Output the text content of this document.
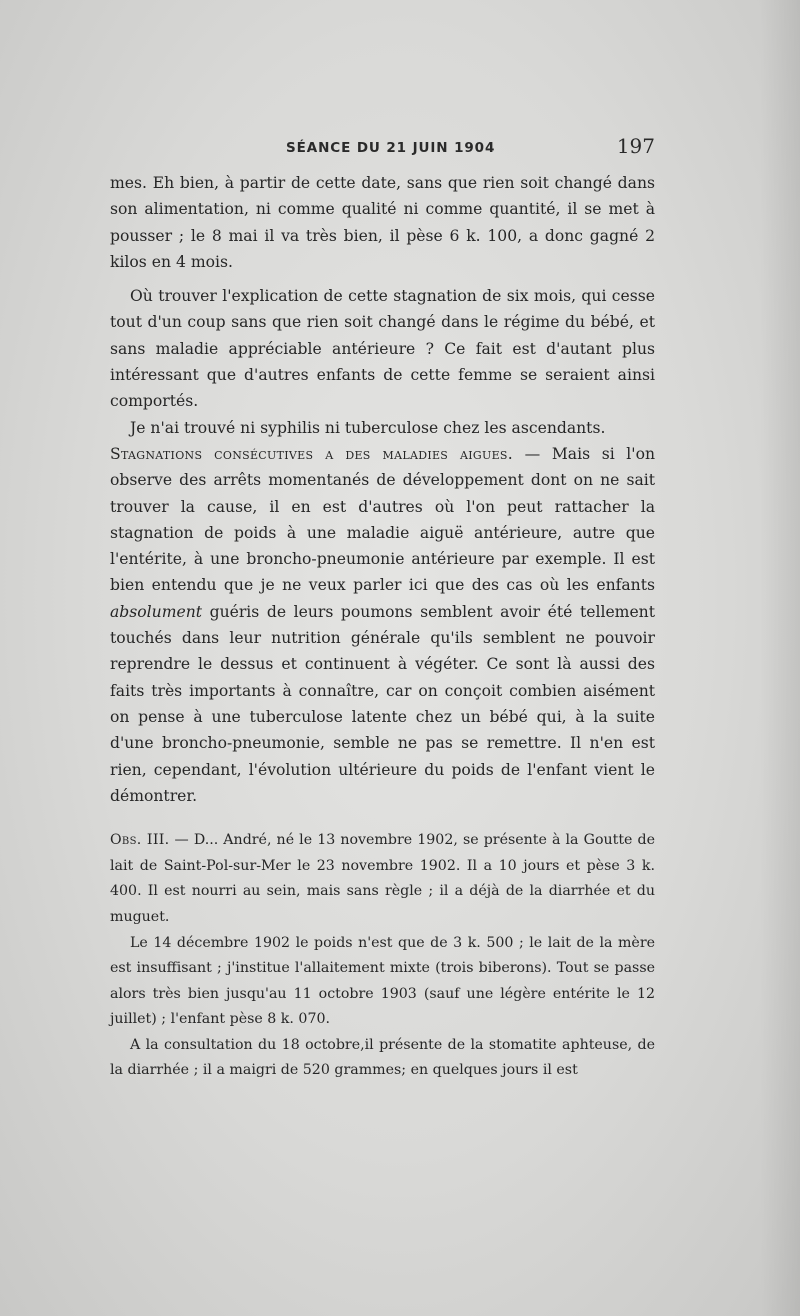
SÉANCE DU 21 JUIN 1904	197

mes. Eh bien, à partir de cette date, sans que rien soit changé dans son alimentation, ni comme qualité ni comme quantité, il se met à pousser ; le 8 mai il va très bien, il pèse 6 k. 100, a donc gagné 2 kilos en 4 mois.

Où trouver l'explication de cette stagnation de six mois, qui cesse tout d'un coup sans que rien soit changé dans le régime du bébé, et sans maladie appréciable antérieure ? Ce fait est d'autant plus intéressant que d'autres enfants de cette femme se seraient ainsi comportés.

Je n'ai trouvé ni syphilis ni tuberculose chez les ascendants.

Stagnations consécutives a des maladies aigues. — Mais si l'on observe des arrêts momentanés de développement dont on ne sait trouver la cause, il en est d'autres où l'on peut rattacher la stagnation de poids à une maladie aiguë antérieure, autre que l'entérite, à une broncho-pneumonie antérieure par exemple. Il est bien entendu que je ne veux parler ici que des cas où les enfants absolument guéris de leurs poumons semblent avoir été tellement touchés dans leur nutrition générale qu'ils semblent ne pouvoir reprendre le dessus et continuent à végéter. Ce sont là aussi des faits très importants à connaître, car on conçoit combien aisément on pense à une tuberculose latente chez un bébé qui, à la suite d'une broncho-pneumonie, semble ne pas se remettre. Il n'en est rien, cependant, l'évolution ultérieure du poids de l'enfant vient le démontrer.

Obs. III. — D... André, né le 13 novembre 1902, se présente à la Goutte de lait de Saint-Pol-sur-Mer le 23 novembre 1902. Il a 10 jours et pèse 3 k. 400. Il est nourri au sein, mais sans règle ; il a déjà de la diarrhée et du muguet.

Le 14 décembre 1902 le poids n'est que de 3 k. 500 ; le lait de la mère est insuffisant ; j'institue l'allaitement mixte (trois biberons). Tout se passe alors très bien jusqu'au 11 octobre 1903 (sauf une légère entérite le 12 juillet) ; l'enfant pèse 8 k. 070.

A la consultation du 18 octobre,il présente de la stomatite aphteuse, de la diarrhée ; il a maigri de 520 grammes; en quelques jours il est
